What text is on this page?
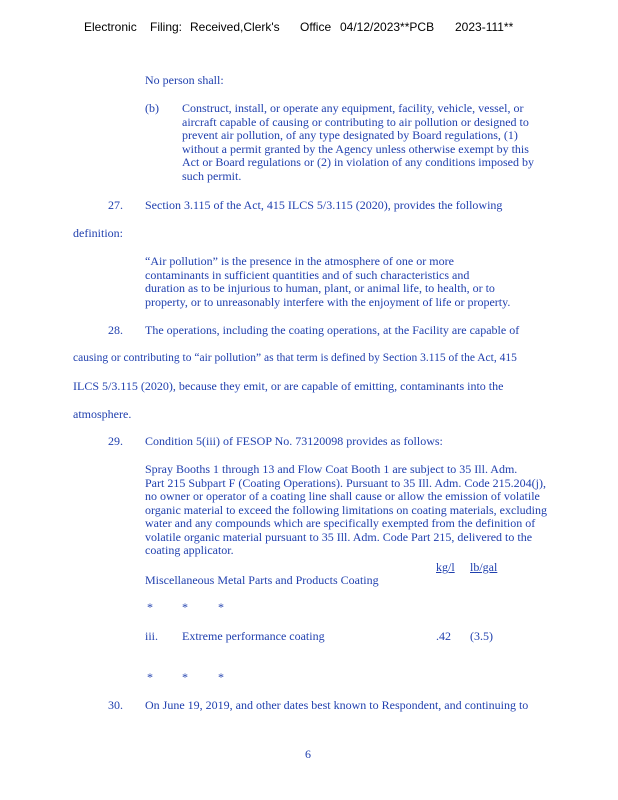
Electronic Filing: Received,Clerk's Office 04/12/2023**PCB 2023-111**
No person shall:
(b) Construct, install, or operate any equipment, facility, vehicle, vessel, or
aircraft capable of causing or contributing to air pollution or designed to
prevent air pollution, of any type designated by Board regulations, (1)
without a permit granted by the Agency unless otherwise exempt by this
Act or Board regulations or (2) in violation of any conditions imposed by
such permit.
27. Section 3.115 of the Act, 415 ILCS 5/3.115 (2020), provides the following
definition:
“Air pollution” is the presence in the atmosphere of one or more
contaminants in sufficient quantities and of such characteristics and
duration as to be injurious to human, plant, or animal life, to health, or to
property, or to unreasonably interfere with the enjoyment of life or property.
28. The operations, including the coating operations, at the Facility are capable of
causing or contributing to “air pollution” as that term is defined by Section 3.115 of the Act, 415
ILCS 5/3.115 (2020), because they emit, or are capable of emitting, contaminants into the
atmosphere.
29. Condition 5(iii) of FESOP No. 73120098 provides as follows:
Spray Booths 1 through 13 and Flow Coat Booth 1 are subject to 35 Ill. Adm.
Part 215 Subpart F (Coating Operations). Pursuant to 35 Ill. Adm. Code 215.204(j),
no owner or operator of a coating line shall cause or allow the emission of volatile
organic material to exceed the following limitations on coating materials, excluding
water and any compounds which are specifically exempted from the definition of
volatile organic material pursuant to 35 Ill. Adm. Code Part 215, delivered to the
coating applicator.
kg/l lb/gal
Miscellaneous Metal Parts and Products Coating
* *	*
iii. Extreme performance coating	.42 (3.5)
* *	*
30. On June 19, 2019, and other dates best known to Respondent, and continuing to
6
